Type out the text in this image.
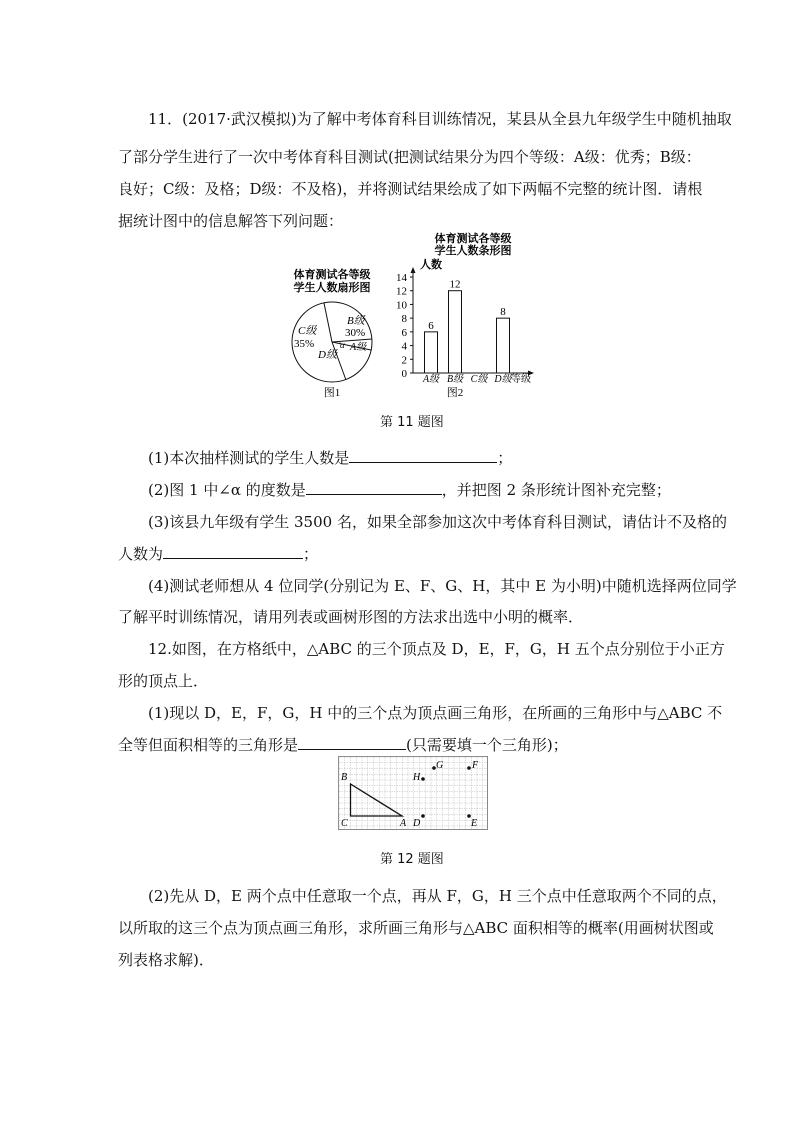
11．(2017·武汉模拟)为了解中考体育科目训练情况，某县从全县九年级学生中随机抽取
了部分学生进行了一次中考体育科目测试(把测试结果分为四个等级：A级：优秀；B级：
良好；C级：及格；D级：不及格)，并将测试结果绘成了如下两幅不完整的统计图．请根
据统计图中的信息解答下列问题：
体育测试各等级
学生人数扇形图
B级
30%
C级
35%	α A级
D级
图1
体育测试各等级
学生人数条形图
人数
0
2
4
6
8
10
12
14
6
A级
12
B级 C级
8
D级 等级
图2
第 11 题图
(1)本次抽样测试的学生人数是	；
(2)图 1 中∠α 的度数是	，并把图 2 条形统计图补充完整；
(3)该县九年级有学生 3500 名，如果全部参加这次中考体育科目测试，请估计不及格的
人数为	；
(4)测试老师想从 4 位同学(分别记为 E、F、G、H，其中 E 为小明)中随机选择两位同学
了解平时训练情况，请用列表或画树形图的方法求出选中小明的概率．
12.如图，在方格纸中，△ABC 的三个顶点及 D，E，F，G，H 五个点分别位于小正方
形的顶点上．
(1)现以 D，E，F，G，H 中的三个点为顶点画三角形，在所画的三角形中与△ABC 不
全等但面积相等的三角形是	(只需要填一个三角形)；
B
C	A
H
G	F
D	E
第 12 题图
(2)先从 D，E 两个点中任意取一个点，再从 F，G，H 三个点中任意取两个不同的点，
以所取的这三个点为顶点画三角形，求所画三角形与△ABC 面积相等的概率(用画树状图或
列表格求解)．
